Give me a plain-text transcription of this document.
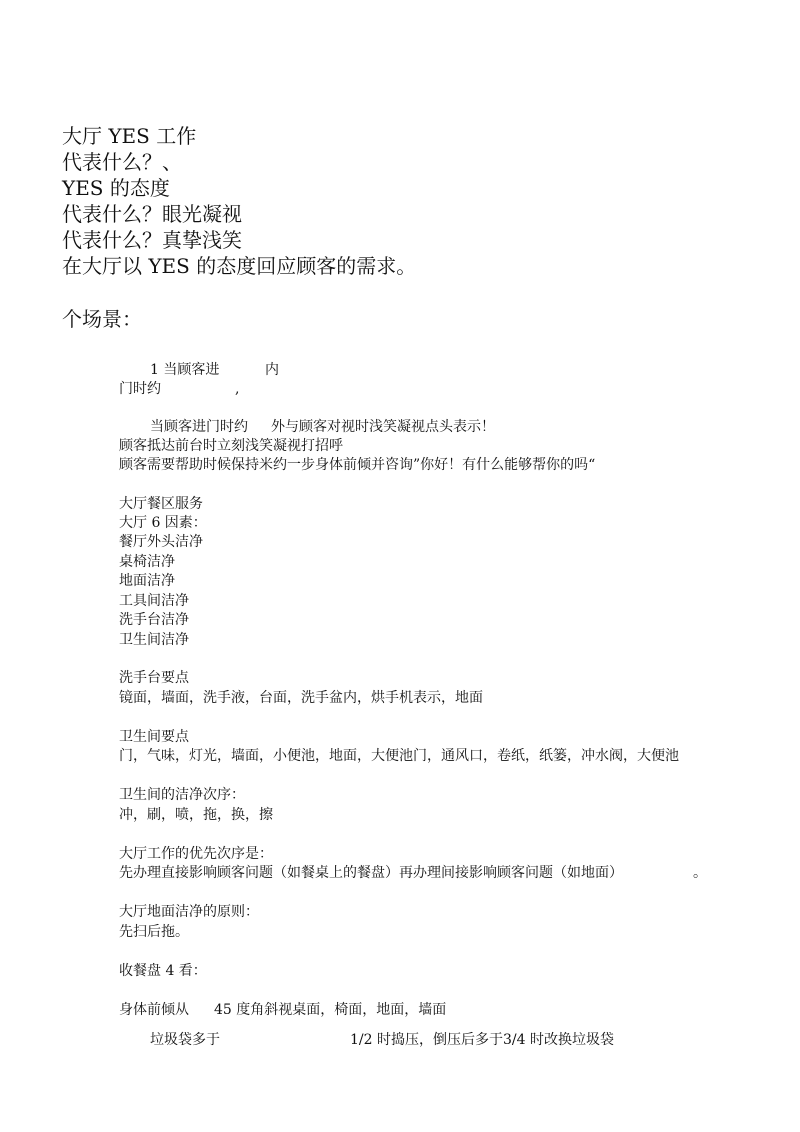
大厅 YES 工作
代表什么？、
YES 的态度
代表什么？眼光凝视
代表什么？真挚浅笑
在大厅以 YES 的态度回应顾客的需求。
个场景：
1 当顾客进	内
门时约	,
当顾客进门时约 外与顾客对视时浅笑凝视点头表示！
顾客抵达前台时立刻浅笑凝视打招呼
顾客需要帮助时候保持米约一步身体前倾并咨询”你好！有什么能够帮你的吗“
大厅餐区服务
大厅 6 因素：
餐厅外头洁净
桌椅洁净
地面洁净
工具间洁净
洗手台洁净
卫生间洁净
洗手台要点
镜面，墙面，洗手液，台面，洗手盆内，烘手机表示，地面
卫生间要点
门，气味，灯光，墙面，小便池，地面，大便池门，通风口，卷纸，纸篓，冲水阀，大便池
卫生间的洁净次序：
冲，刷，喷，拖，换，擦
大厅工作的优先次序是：
先办理直接影响顾客问题（如餐桌上的餐盘）再办理间接影响顾客问题（如地面）	。
大厅地面洁净的原则：
先扫后拖。
收餐盘 4 看：
身体前倾从 45 度角斜视桌面，椅面，地面，墙面
垃圾袋多于	1/2 时捣压，倒压后多于3/4 时改换垃圾袋
